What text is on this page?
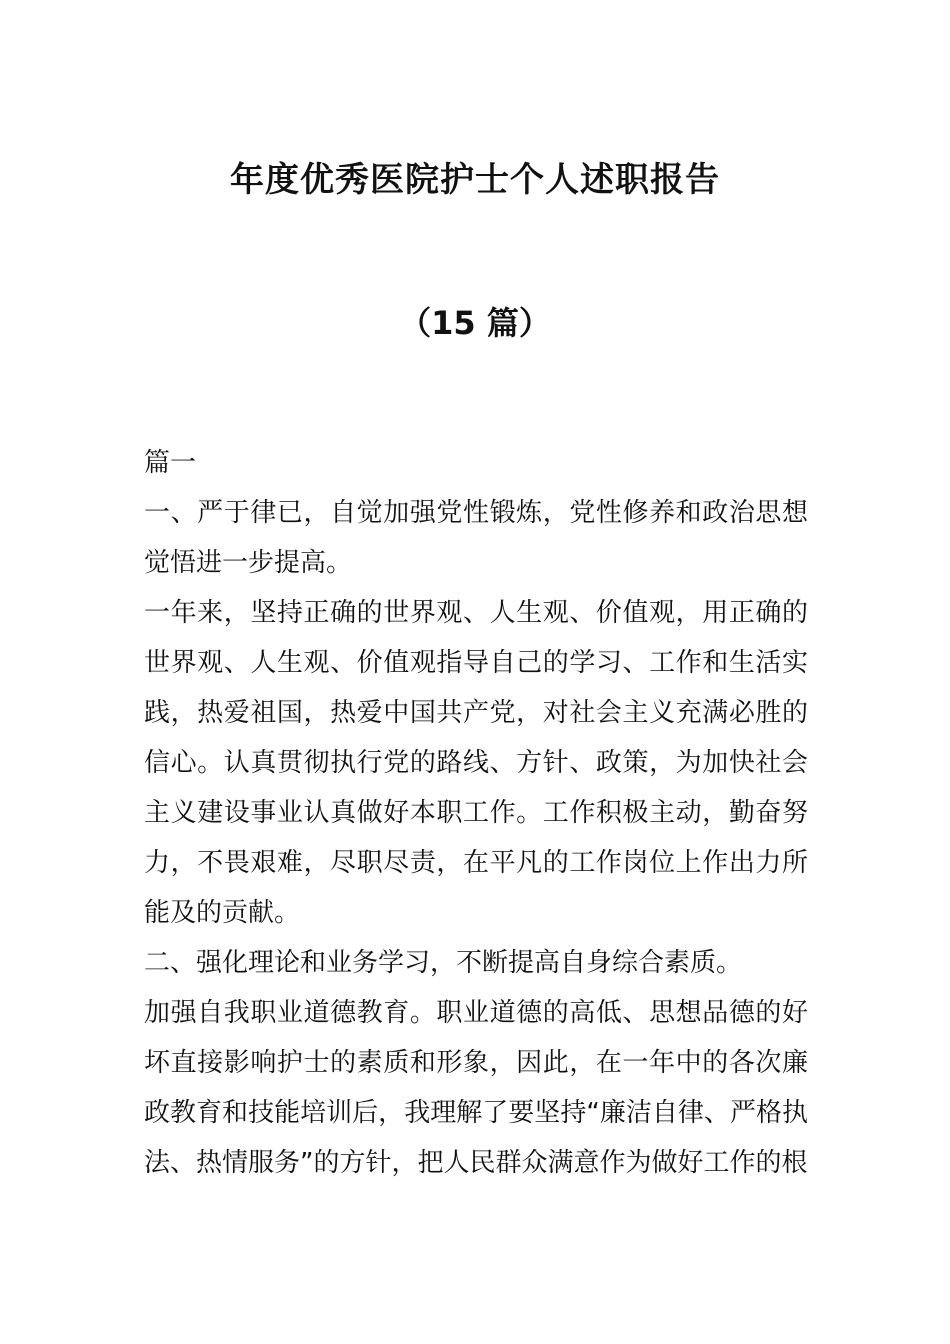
年度优秀医院护士个人述职报告
（15 篇）

篇一

一、严于律已，自觉加强党性锻炼，党性修养和政治思想觉悟进一步提高。

一年来，坚持正确的世界观、人生观、价值观，用正确的世界观、人生观、价值观指导自己的学习、工作和生活实践，热爱祖国，热爱中国共产党，对社会主义充满必胜的信心。认真贯彻执行党的路线、方针、政策，为加快社会主义建设事业认真做好本职工作。工作积极主动，勤奋努力，不畏艰难，尽职尽责，在平凡的工作岗位上作出力所能及的贡献。

二、强化理论和业务学习，不断提高自身综合素质。

加强自我职业道德教育。职业道德的高低、思想品德的好坏直接影响护士的素质和形象，因此，在一年中的各次廉政教育和技能培训后，我理解了要坚持“廉洁自律、严格执法、热情服务”的方针，把人民群众满意作为做好工作的根
